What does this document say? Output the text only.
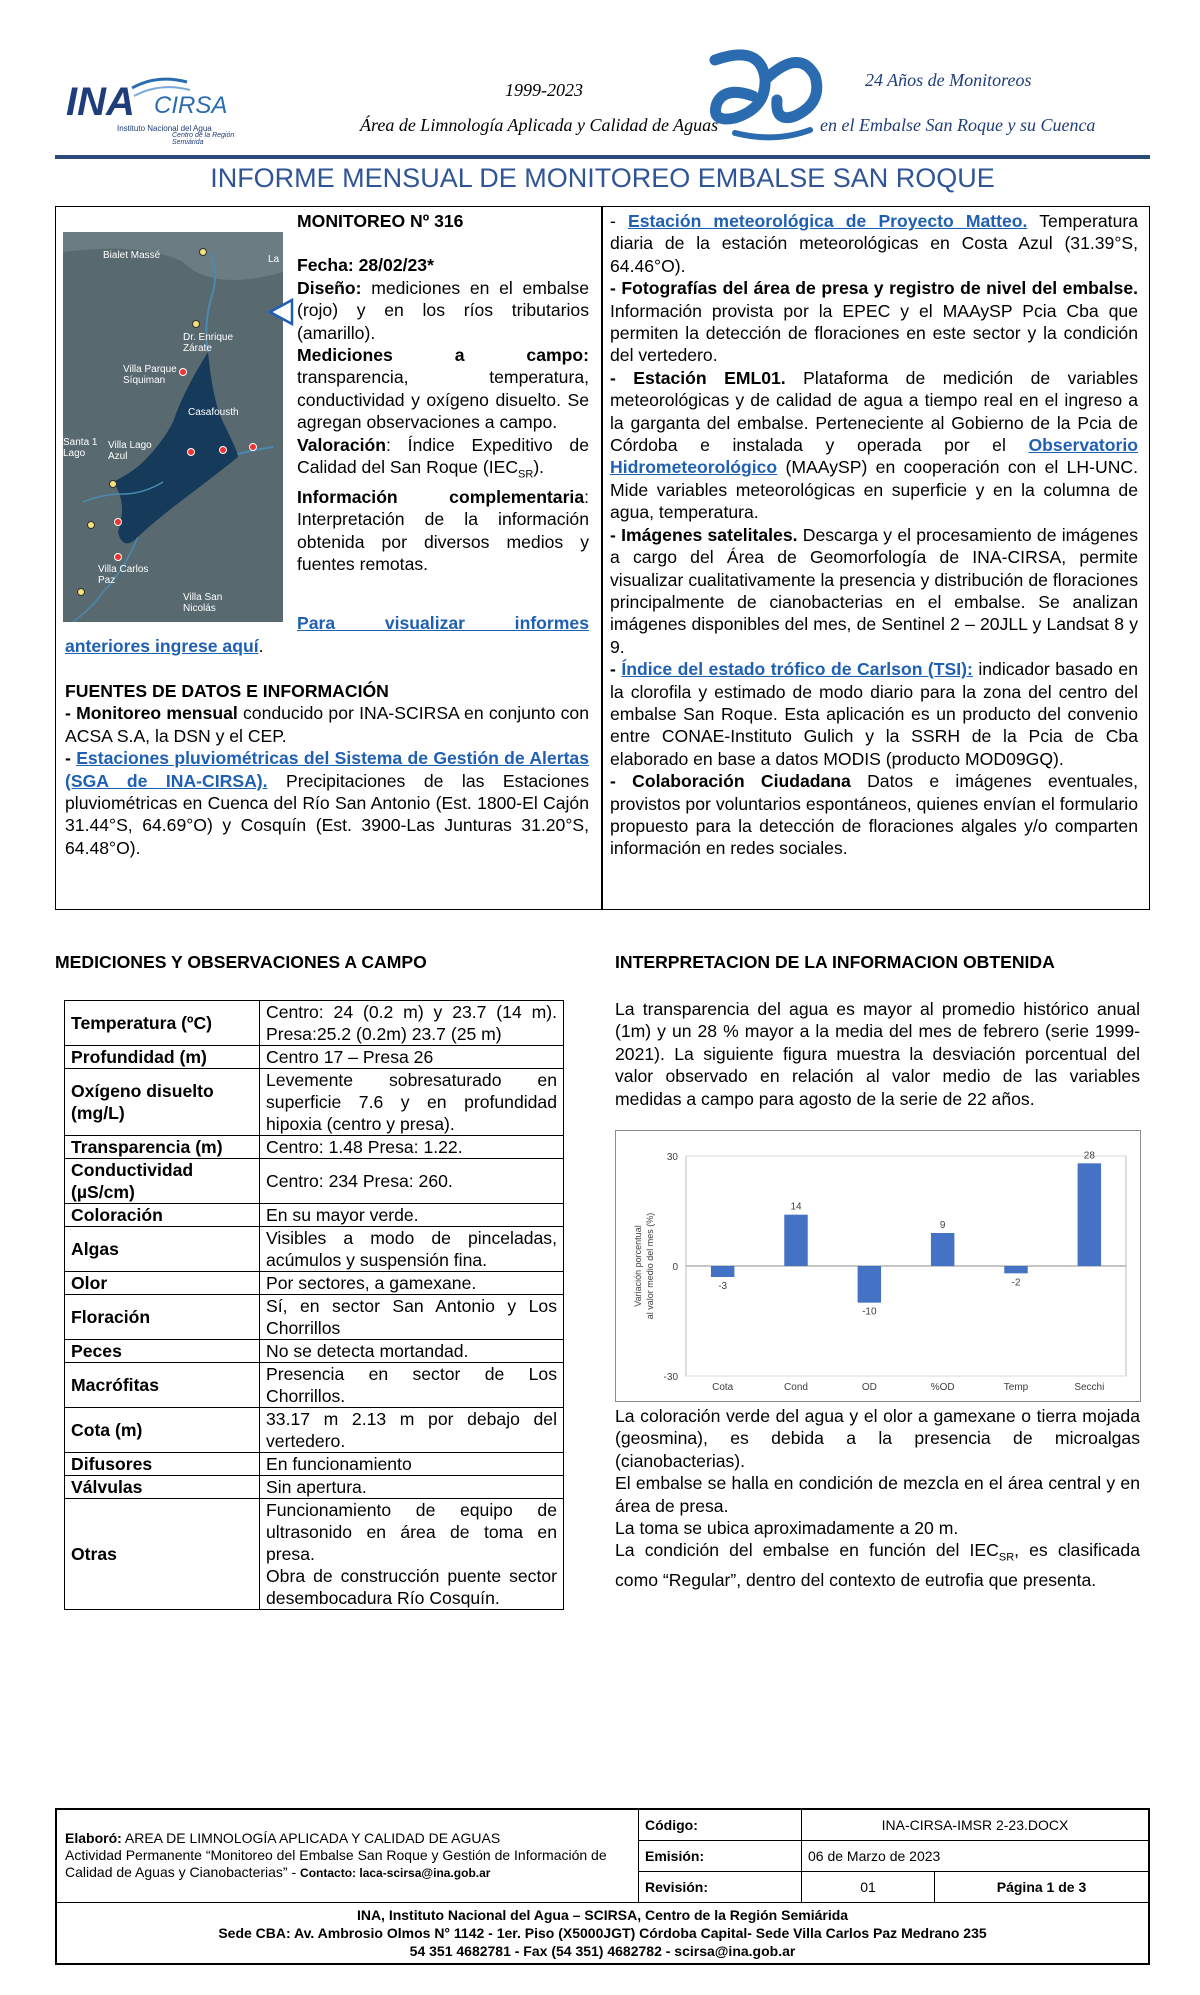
INA CIRSA
Instituto Nacional del Agua
Centro de la Región Semiárida
1999-2023
Área de Limnología Aplicada y Calidad de Aguas
24 Años de Monitoreos
en el Embalse San Roque y su Cuenca
INFORME MENSUAL DE MONITOREO EMBALSE SAN ROQUE
Bialet Massé	La
Dr. Enrique Zárate
Villa Parque Síquiman
Casafousth
Santa 1 Lago
Villa Lago Azul
Villa Carlos Paz
Villa San Nicolás

MONITOREO Nº 316

Fecha: 28/02/23*

Diseño: mediciones en el embalse (rojo) y en los ríos tributarios (amarillo).

Mediciones a campo: transparencia, temperatura, conductividad y oxígeno disuelto. Se agregan observaciones a campo.

Valoración: Índice Expeditivo de Calidad del San Roque $(IEC_{SR})$.

Información complementaria: Interpretación de la información obtenida por diversos medios y fuentes remotas.

Para visualizar informes
anteriores ingrese aquí.

FUENTES DE DATOS E INFORMACIÓN

- Monitoreo mensual conducido por INA-SCIRSA en conjunto con ACSA S.A, la DSN y el CEP.

- Estaciones pluviométricas del Sistema de Gestión de Alertas (SGA de INA-CIRSA). Precipitaciones de las Estaciones pluviométricas en Cuenca del Río San Antonio (Est. 1800-El Cajón 31.44°S, 64.69°O) y Cosquín (Est. 3900-Las Junturas 31.20°S, 64.48°O).

- Estación meteorológica de Proyecto Matteo. Temperatura diaria de la estación meteorológicas en Costa Azul (31.39°S, 64.46°O).

- Fotografías del área de presa y registro de nivel del embalse. Información provista por la EPEC y el MAAySP Pcia Cba que permiten la detección de floraciones en este sector y la condición del vertedero.

- Estación EML01. Plataforma de medición de variables meteorológicas y de calidad de agua a tiempo real en el ingreso a la garganta del embalse. Perteneciente al Gobierno de la Pcia de Córdoba e instalada y operada por el Observatorio Hidrometeorológico (MAAySP) en cooperación con el LH-UNC. Mide variables meteorológicas en superficie y en la columna de agua, temperatura.

- Imágenes satelitales. Descarga y el procesamiento de imágenes a cargo del Área de Geomorfología de INA-CIRSA, permite visualizar cualitativamente la presencia y distribución de floraciones principalmente de cianobacterias en el embalse. Se analizan imágenes disponibles del mes, de Sentinel 2 – 20JLL y Landsat 8 y 9.

- Índice del estado trófico de Carlson (TSI): indicador basado en la clorofila y estimado de modo diario para la zona del centro del embalse San Roque. Esta aplicación es un producto del convenio entre CONAE-Instituto Gulich y la SSRH de la Pcia de Cba elaborado en base a datos MODIS (producto MOD09GQ).

- Colaboración Ciudadana Datos e imágenes eventuales, provistos por voluntarios espontáneos, quienes envían el formulario propuesto para la detección de floraciones algales y/o comparten información en redes sociales.

MEDICIONES Y OBSERVACIONES A CAMPO
Temperatura (ºC)	Centro: 24 (0.2 m) y 23.7 (14 m). Presa:25.2 (0.2m) 23.7 (25 m)
Profundidad (m)	Centro 17 – Presa 26
Oxígeno disuelto (mg/L)	Levemente sobresaturado en superficie 7.6 y en profundidad hipoxia (centro y presa).
Transparencia (m)	Centro: 1.48 Presa: 1.22.
Conductividad (µS/cm)	Centro: 234 Presa: 260.
Coloración	En su mayor verde.
Algas	Visibles a modo de pinceladas, acúmulos y suspensión fina.
Olor	Por sectores, a gamexane.
Floración	Sí, en sector San Antonio y Los Chorrillos
Peces	No se detecta mortandad.
Macrófitas	Presencia en sector de Los Chorrillos.
Cota (m)	33.17 m 2.13 m por debajo del vertedero.
Difusores	En funcionamiento
Válvulas	Sin apertura.
Otras	Funcionamiento de equipo de ultrasonido en área de toma en presa.
Obra de construcción puente sector desembocadura Río Cosquín.
INTERPRETACION DE LA INFORMACION OBTENIDA
La transparencia del agua es mayor al promedio histórico anual (1m) y un 28 % mayor a la media del mes de febrero (serie 1999-2021). La siguiente figura muestra la desviación porcentual del valor observado en relación al valor medio de las variables medidas a campo para agosto de la serie de 22 años.
-30
0
30
Variación porcentual al valor medio del mes (%)	-3
Cota
14
Cond
-10
OD
9
%OD
-2
Temp
28
Secchi

La coloración verde del agua y el olor a gamexane o tierra mojada (geosmina), es debida a la presencia de microalgas (cianobacterias).

El embalse se halla en condición de mezcla en el área central y en área de presa.

La toma se ubica aproximadamente a 20 m.

La condición del embalse en función del $IEC_{SR}$, es clasificada como “Regular”, dentro del contexto de eutrofia que presenta.

Elaboró: AREA DE LIMNOLOGÍA APLICADA Y CALIDAD DE AGUAS
Actividad Permanente “Monitoreo del Embalse San Roque y Gestión de Información de Calidad de Aguas y Cianobacterias” - Contacto: laca-scirsa@ina.gob.ar	Código:	INA-CIRSA-IMSR 2-23.DOCX	
	Emisión:	06 de Marzo de 2023	
	Revisión:	01	Página 1 de 3

INA, Instituto Nacional del Agua – SCIRSA, Centro de la Región Semiárida
Sede CBA: Av. Ambrosio Olmos N° 1142 - 1er. Piso (X5000JGT) Córdoba Capital- Sede Villa Carlos Paz Medrano 235
54 351 4682781 - Fax (54 351) 4682782 - scirsa@ina.gob.ar			
